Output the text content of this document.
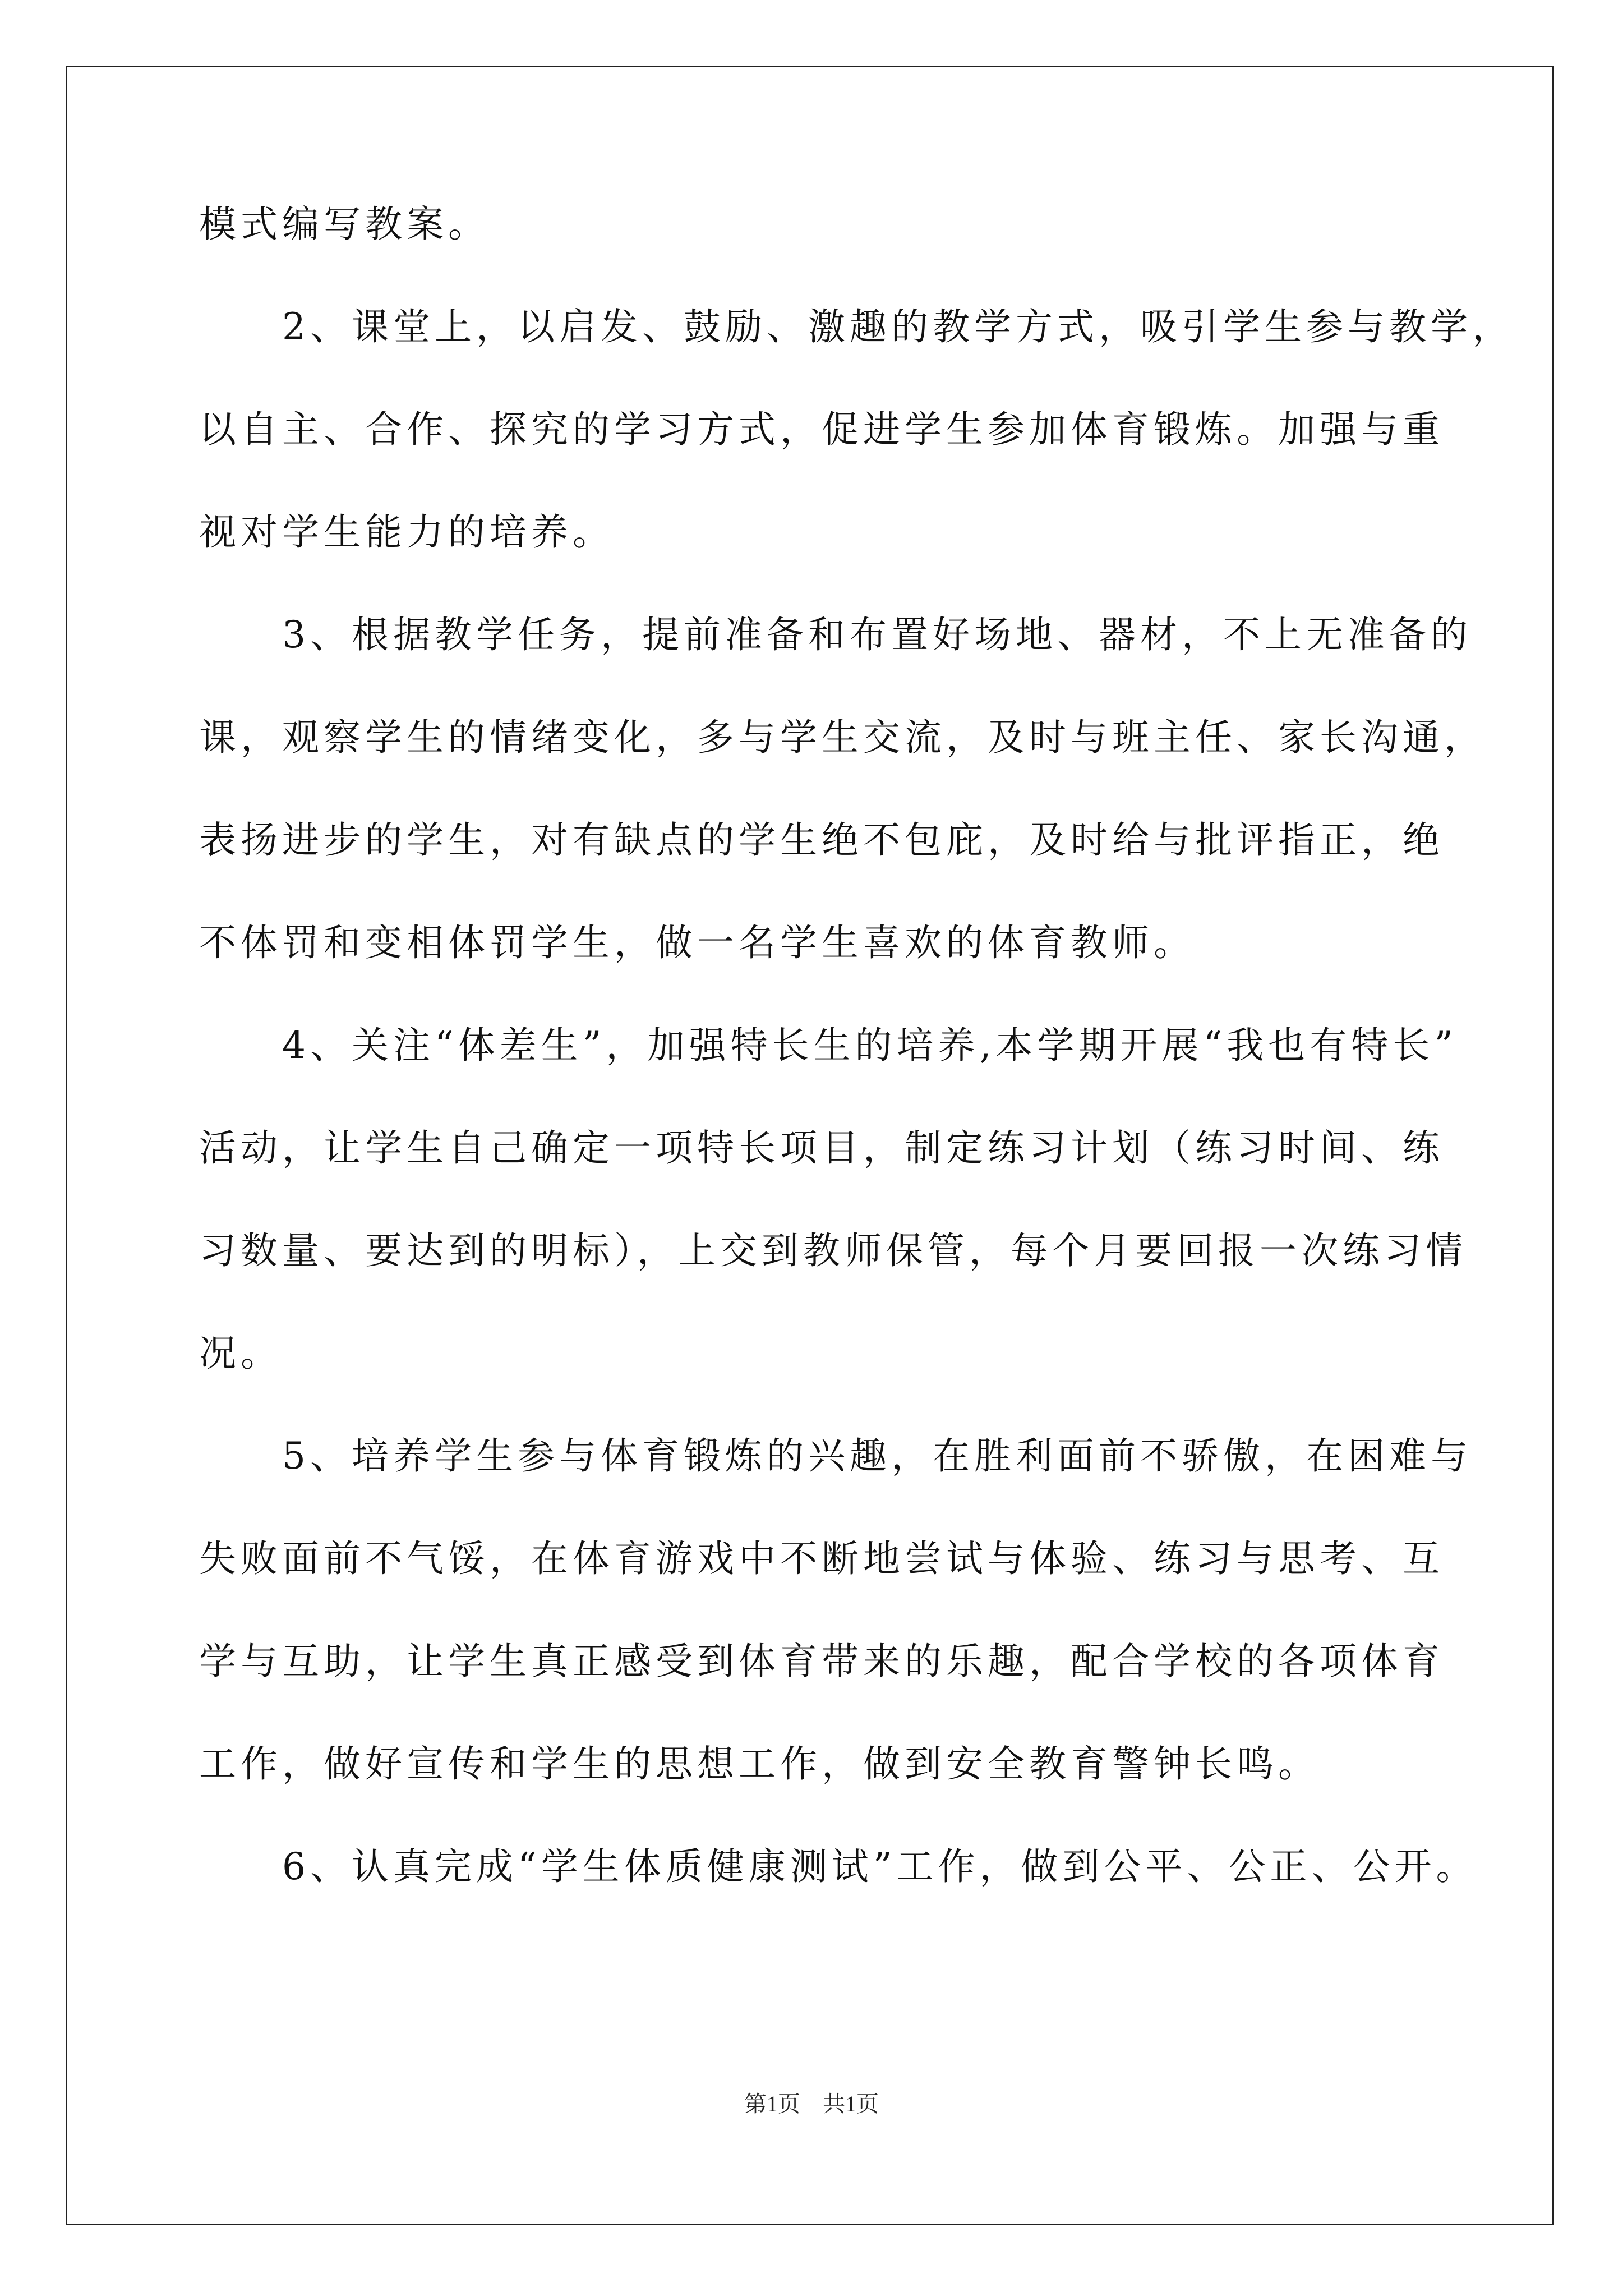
模式编写教案。
　　2、课堂上，以启发、鼓励、激趣的教学方式，吸引学生参与教学，
以自主、合作、探究的学习方式，促进学生参加体育锻炼。加强与重
视对学生能力的培养。
　　3、根据教学任务，提前准备和布置好场地、器材，不上无准备的
课，观察学生的情绪变化，多与学生交流，及时与班主任、家长沟通，
表扬进步的学生，对有缺点的学生绝不包庇，及时给与批评指正，绝
不体罚和变相体罚学生，做一名学生喜欢的体育教师。
　　4、关注“体差生”，加强特长生的培养,本学期开展“我也有特长”
活动，让学生自己确定一项特长项目，制定练习计划（练习时间、练
习数量、要达到的明标），上交到教师保管，每个月要回报一次练习情
况。
　　5、培养学生参与体育锻炼的兴趣，在胜利面前不骄傲，在困难与
失败面前不气馁，在体育游戏中不断地尝试与体验、练习与思考、互
学与互助，让学生真正感受到体育带来的乐趣，配合学校的各项体育
工作，做好宣传和学生的思想工作，做到安全教育警钟长鸣。
　　6、认真完成“学生体质健康测试”工作，做到公平、公正、公开。
第1页　共1页
